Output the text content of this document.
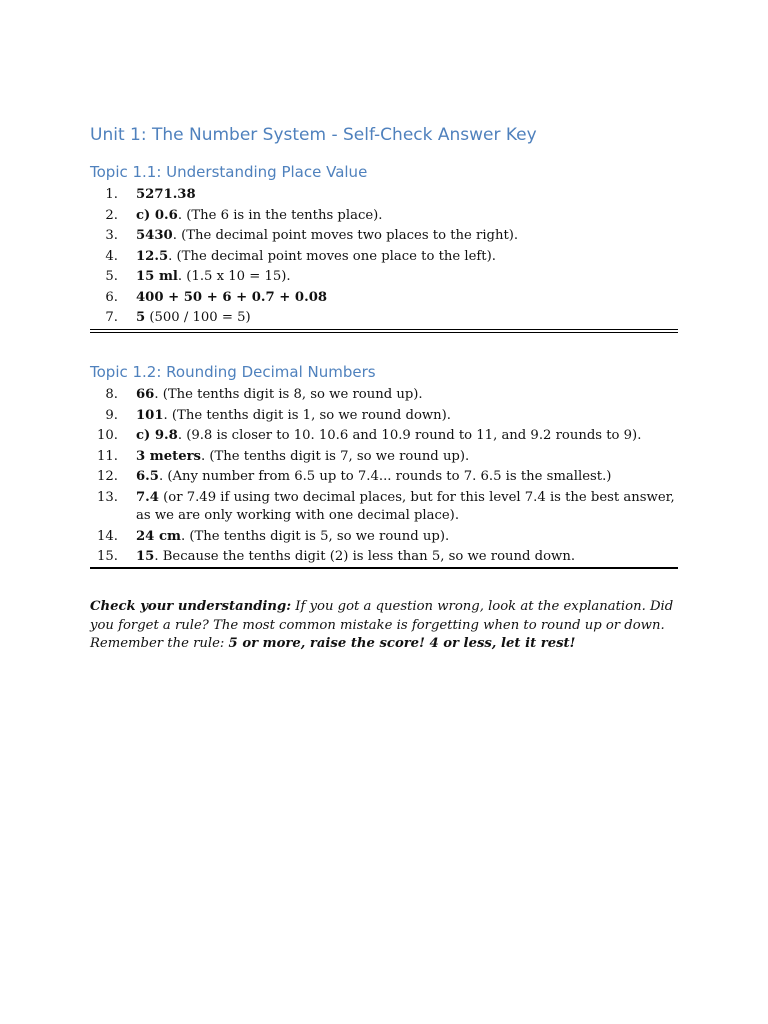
Unit 1: The Number System - Self-Check Answer Key
Topic 1.1: Understanding Place Value
1. 5271.38
2. c) 0.6. (The 6 is in the tenths place).
3. 5430. (The decimal point moves two places to the right).
4. 12.5. (The decimal point moves one place to the left).
5. 15 ml. (1.5 x 10 = 15).
6. 400 + 50 + 6 + 0.7 + 0.08
7. 5 (500 / 100 = 5)
Topic 1.2: Rounding Decimal Numbers
8. 66. (The tenths digit is 8, so we round up).
9. 101. (The tenths digit is 1, so we round down).
10. c) 9.8. (9.8 is closer to 10. 10.6 and 10.9 round to 11, and 9.2 rounds to 9).
11. 3 meters. (The tenths digit is 7, so we round up).
12. 6.5. (Any number from 6.5 up to 7.4... rounds to 7. 6.5 is the smallest.)
13. 7.4 (or 7.49 if using two decimal places, but for this level 7.4 is the best answer, as we are only working with one decimal place).
14. 24 cm. (The tenths digit is 5, so we round up).
15. 15. Because the tenths digit (2) is less than 5, so we round down.

Check your understanding: If you got a question wrong, look at the explanation. Did you forget a rule? The most common mistake is forgetting when to round up or down. Remember the rule: 5 or more, raise the score! 4 or less, let it rest!
